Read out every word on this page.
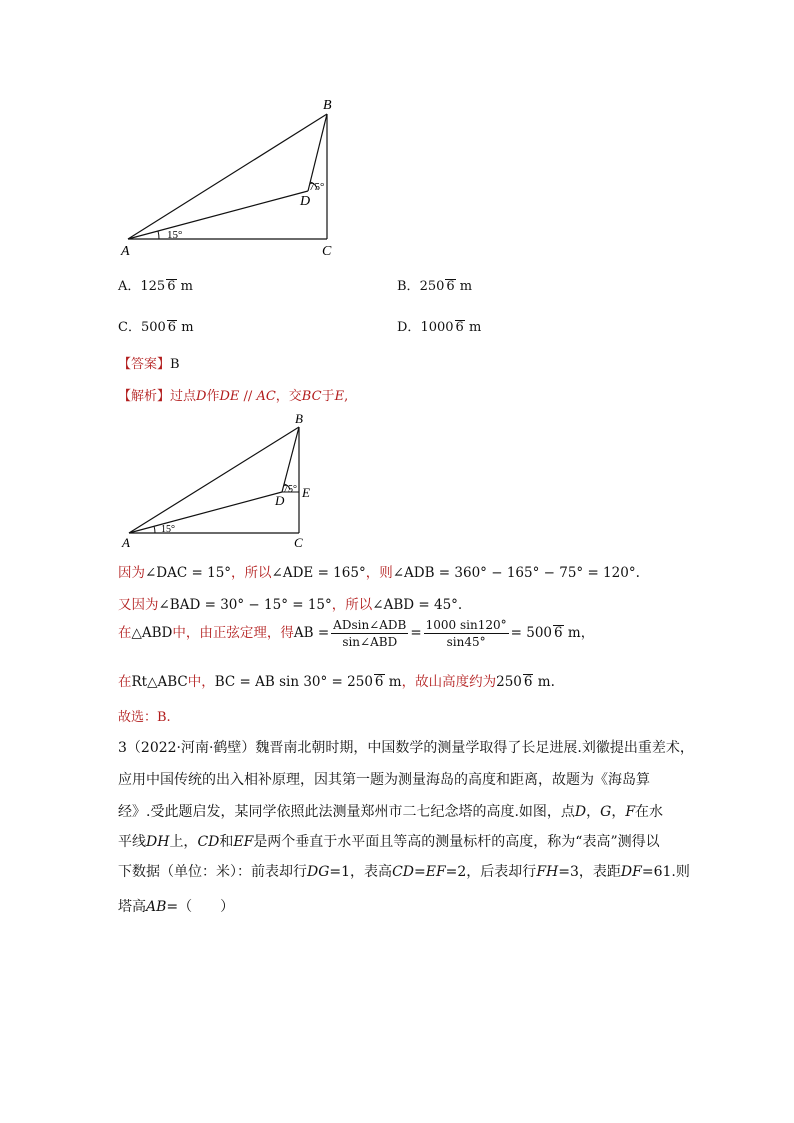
B
A	C
D
15°
75°
A．125 6 m	B．250 6 m
C．500 6 m	D．1000 6 m
【答案】B
【解析】过点D作DE // AC，交BC于E,
B
A	C
D
E
15°
75°
因为∠DAC = 15°，所以∠ADE = 165°，则∠ADB = 360° − 165° − 75° = 120°.
又因为∠BAD = 30° − 15° = 15°，所以∠ABD = 45°.
在△ABD中，由正弦定理，得AB = $\frac{\text{ADsin∠ADB}}{\text{sin∠ABD}} = \frac{1000 \sin 120^\circ}{\sin 45^\circ} = 500$ 6 m，
在Rt△ABC中，BC = AB sin 30° = 250 6 m，故山高度约为250 6 m.
故选：B.
3（2022·河南·鹤壁）魏晋南北朝时期，中国数学的测量学取得了长足进展.刘徽提出重差术，
应用中国传统的出入相补原理，因其第一题为测量海岛的高度和距离，故题为《海岛算
经》.受此题启发，某同学依照此法测量郑州市二七纪念塔的高度.如图，点D，G，F在水
平线DH上，CD和EF是两个垂直于水平面且等高的测量标杆的高度，称为“表高”测得以
下数据（单位：米）：前表却行DG=1，表高CD=EF=2，后表却行FH=3，表距DF=61.则
塔高AB=（　　）
